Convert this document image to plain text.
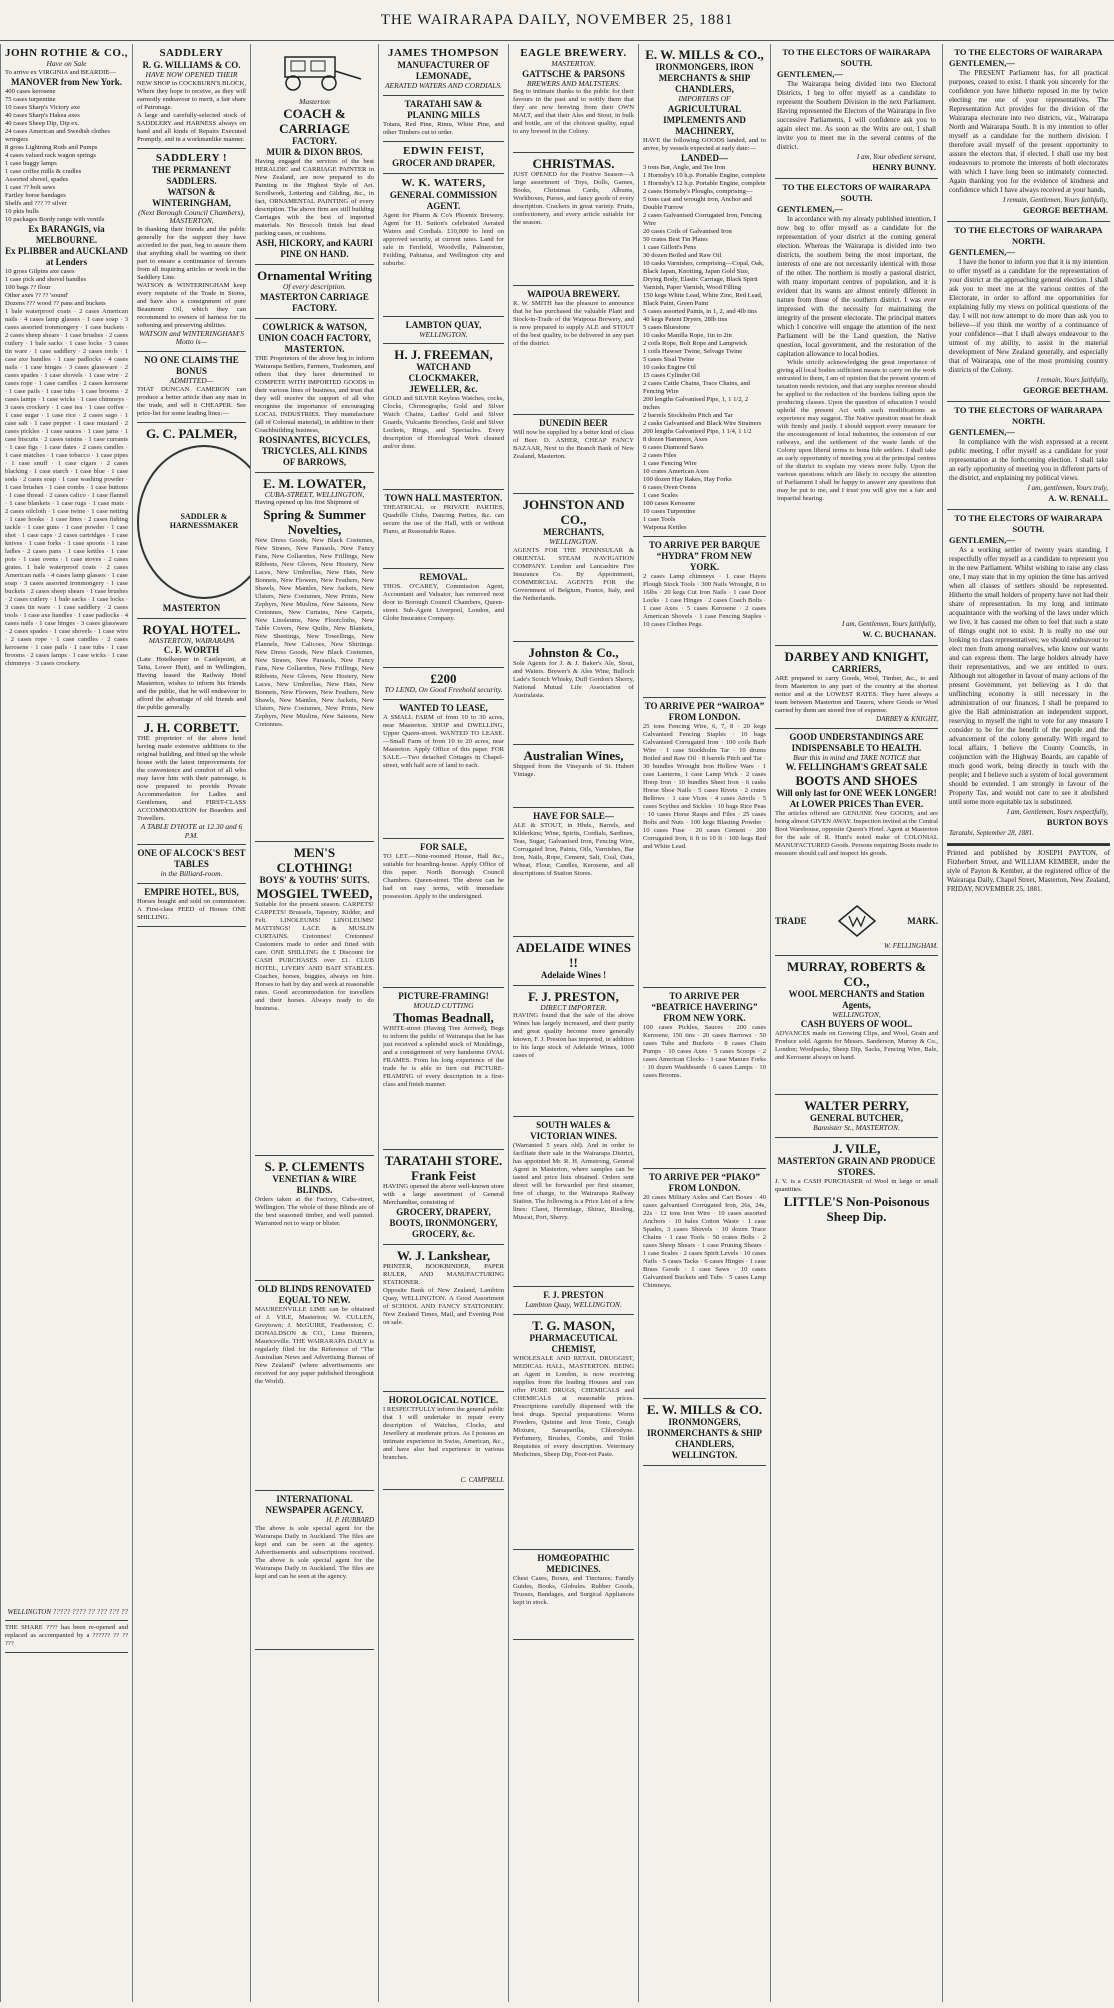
THE WAIRARAPA DAILY, NOVEMBER 25, 1881
JOHN ROTHIE & CO.,
Have on Sale
To arrive ex VIRGINIA and BEARDIE—
MANOVER from New York.
400 cases kerosene
75 cases turpentine
10 cases Sharp's Victory axe
40 cases Sharp's Hakea axes
40 cases Sheep Dip, Dip ex.
24 cases American and Swedish clothes wringers
8 gross Lightning Rods and Pumps
4 cases valued rack wagon springs
1 case buggy lamps
1 case coffee mills & cradles
Assorted shovel, spades
1 case ?? bolt saws
Fartley horse bandages
Shelfs and ??? ?? silver
10 pkts bulls
10 packages Bordy range with ventils
Ex BARANGIS, via MELBOURNE.
Ex PLIBBER and AUCKLAND at Lenders
10 gross Gilpins axe cases
1 case pick and shovel handles
100 bags ?? flour
Other axes ?? ?? 'sound'
Dozens ??? wood ?? pans and buckets
1 bale waterproof coats · 2 cases American nails · 4 cases lamp glasses · 1 case soap · 3 cases assorted ironmongery · 1 case buckets · 2 cases sheep shears · 1 case brushes · 2 cases cutlery · 1 bale sacks · 1 case locks · 3 cases tin ware · 1 case saddlery · 2 cases tools · 1 case axe handles · 1 case padlocks · 4 cases nails · 1 case hinges · 3 cases glassware · 2 cases spades · 1 case shovels · 1 case wire · 2 cases rope · 1 case candles · 2 cases kerosene · 1 case pails · 1 case tubs · 1 case brooms · 2 cases lamps · 1 case wicks · 1 case chimneys · 3 cases crockery · 1 case tea · 1 case coffee · 1 case sugar · 1 case rice · 2 cases sago · 1 case salt · 1 case pepper · 1 case mustard · 2 cases pickles · 1 case sauces · 1 case jams · 1 case biscuits · 2 cases raisins · 1 case currants · 1 case figs · 1 case dates · 2 cases candles · 1 case matches · 1 case tobacco · 1 case pipes · 1 case snuff · 1 case cigars · 2 cases blacking · 1 case starch · 1 case blue · 1 case soda · 2 cases soap · 1 case washing powder · 1 case brushes · 1 case combs · 1 case buttons · 1 case thread · 2 cases calico · 1 case flannel · 1 case blankets · 1 case rugs · 1 case mats · 2 cases oilcloth · 1 case twine · 1 case netting · 1 case hooks · 1 case lines · 2 cases fishing tackle · 1 case guns · 1 case powder · 1 case shot · 1 case caps · 2 cases cartridges · 1 case knives · 1 case forks · 1 case spoons · 1 case ladles · 2 cases pans · 1 case kettles · 1 case pots · 1 case ovens · 1 case stoves · 2 cases grates. 1 bale waterproof coats · 2 cases American nails · 4 cases lamp glasses · 1 case soap · 3 cases assorted ironmongery · 1 case buckets · 2 cases sheep shears · 1 case brushes · 2 cases cutlery · 1 bale sacks · 1 case locks · 3 cases tin ware · 1 case saddlery · 2 cases tools · 1 case axe handles · 1 case padlocks · 4 cases nails · 1 case hinges · 3 cases glassware · 2 cases spades · 1 case shovels · 1 case wire · 2 cases rope · 1 case candles · 2 cases kerosene · 1 case pails · 1 case tubs · 1 case brooms · 2 cases lamps · 1 case wicks · 1 case chimneys · 3 cases crockery.
WELLINGTON ????? ???? ?? ??? ??? ??
THE SHARE ???? has been re-opened and replaced as accompanied by a ?????? ?? ?? ???
SADDLERY
R. G. WILLIAMS & CO.
HAVE NOW OPENED THEIR
NEW SHOP in COCKBURN'S BLOCK, Where they hope to receive, as they will earnestly endeavour to merit, a fair share of Patronage.
A large and carefully-selected stock of SADDLERY and HARNESS always on hand and all kinds of Repairs Executed Promptly, and in a workmanlike manner.
SADDLERY !
THE PERMANENT SADDLERS.
WATSON & WINTERINGHAM,
(Next Borough Council Chambers), MASTERTON,
In thanking their friends and the public generally for the support they have accorded to the past, beg to assure them that anything shall be wanting on their part to ensure a continuance of favours from all inquiring articles or work in the Saddlery Line.
WATSON & WINTERINGHAM keep every requisite of the Trade in Stores, and have also a consignment of pure Beaumont Oil, which they can recommend to owners of harness for its softening and preserving abilities.
WATSON and WINTERINGHAM'S Motto is—
NO ONE CLAIMS THE BONUS
ADMITTED—
THAT DUNCAN CAMERON can produce a better article than any man in the trade, and sell it CHEAPER. See price-list for some leading lines:—
G. C. PALMER,
SADDLER & HARNESSMAKER
MASTERTON
ROYAL HOTEL.
MASTERTON, WAIRARAPA
C. F. WORTH
(Late Hotelkeeper in Castlepoint, at Taita, Lower Hutt), and in Wellington, Having leased the Railway Hotel Masterton, wishes to inform his friends and the public, that he will endeavour to afford the advantage of old friends and the public generally.
J. H. CORBETT.
THE proprietor of the above hotel having made extensive additions to the original building, and fitted up the whole house with the latest improvements for the convenience and comfort of all who may favor him with their patronage, is now prepared to provide Private Accommodation for Ladies and Gentlemen, and FIRST-CLASS ACCOMMODATION for Boarders and Travellers.
A TABLE D'HOTE at 12.30 and 6 P.M.
ONE OF ALCOCK'S BEST TABLES
in the Billiard-room.
EMPIRE HOTEL, BUS,
Horses bought and sold on commission. A First-class FEED of Horses ONE SHILLING.
Masterton
COACH & CARRIAGE
FACTORY.
MUIR & DIXON BROS.
Having engaged the services of the best HERALDIC and CARRIAGE PAINTER in New Zealand, are now prepared to do Painting in the Highest Style of Art. Scrollwork, Lettering and Gilding, &c., in fact, ORNAMENTAL PAINTING of every description. The above firm are still building Carriages with the best of imported materials. No Broccoli finish but dead packing cases, or cushions.
ASH, HICKORY, and KAURI PINE ON HAND.
Ornamental Writing
Of every description.
MASTERTON CARRIAGE FACTORY.
COWLRICK & WATSON,
UNION COACH FACTORY, MASTERTON.
THE Proprietors of the above beg to inform Wairarapa Settlers, Farmers, Tradesmen, and others that they have determined to COMPETE WITH IMPORTED GOODS in their various lines of business, and trust that they will receive the support of all who recognise the importance of encouraging LOCAL INDUSTRIES. They manufacture (all of Colonial material), in addition to their Coachbuilding business,
ROSINANTES, BICYCLES, TRICYCLES, ALL KINDS OF BARROWS,
E. M. LOWATER,
CUBA-STREET, WELLINGTON,
Having opened up his first Shipment of
Spring & Summer Novelties,
New Dress Goods, New Black Costumes, New Straws, New Parasols, New Fancy Fans, New Collarettes, New Frillings, New Ribbons, New Gloves, New Hosiery, New Laces, New Umbrellas, New Hats, New Bonnets, New Flowers, New Feathers, New Shawls, New Mantles, New Jackets, New Ulsters, New Costumes, New Prints, New Zephyrs, New Muslins, New Sateens, New Cretonnes, New Curtains, New Carpets, New Linoleums, New Floorcloths, New Table Covers, New Quilts, New Blankets, New Sheetings, New Towellings, New Flannels, New Calicoes, New Shirtings. New Dress Goods, New Black Costumes, New Straws, New Parasols, New Fancy Fans, New Collarettes, New Frillings, New Ribbons, New Gloves, New Hosiery, New Laces, New Umbrellas, New Hats, New Bonnets, New Flowers, New Feathers, New Shawls, New Mantles, New Jackets, New Ulsters, New Costumes, New Prints, New Zephyrs, New Muslins, New Sateens, New Cretonnes.
MEN'S CLOTHING!
BOYS' & YOUTHS' SUITS.
MOSGIEL TWEED,
Suitable for the present season. CARPETS! CARPETS! Brussels, Tapestry, Kidder, and Felt. LINOLEUMS! LINOLEUMS! MATTINGS! LACE & MUSLIN CURTAINS. Cretonnes! Cretonnes! Customers made to order and fitted with care. ONE SHILLING the £ Discount for CASH PURCHASES over £1. CLUB HOTEL, LIVERY AND BAIT STABLES. Coaches, horses, buggies, always on hire. Horses to bait by day and week at reasonable rates. Good accommodation for travellers and their horses. Always ready to do business.
S. P. CLEMENTS
VENETIAN & WIRE BLINDS.
Orders taken at the Factory, Cuba-street, Wellington. The whole of these Blinds are of the best seasoned timber, and well painted. Warranted not to warp or blister.
OLD BLINDS RENOVATED EQUAL TO NEW.
MAUREENVILLE LIME can be obtained of J. VILE, Masterton; W. CULLEN, Greytown; J. McGUIRE, Featherston; C. DONALDSON & CO., Lime Burners, Mauriceville. THE WAIRARAPA DAILY is regularly filed for the Reference of "The Australian News and Advertising Bureau of New Zealand" (where advertisements are received for any paper published throughout the World).
INTERNATIONAL NEWSPAPER AGENCY.
H. P. HUBBARD
The above is sole special agent for the Wairarapa Daily in Auckland. The files are kept and can be seen at the agency. Advertisements and subscriptions received. The above is sole special agent for the Wairarapa Daily in Auckland. The files are kept and can be seen at the agency.
JAMES THOMPSON
MANUFACTURER OF LEMONADE,
AERATED WATERS AND CORDIALS.
TARATAHI SAW & PLANING MILLS
Totara, Red Pine, Rimu, White Pine, and other Timbers cut to order.
EDWIN FEIST,
GROCER AND DRAPER,
W. K. WATERS,
GENERAL COMMISSION AGENT.
Agent for Pharm & Co's Phoenix Brewery. Agent for H. Sutton's celebrated Aerated Waters and Cordials. £10,000 to lend on approved security, at current rates. Land for sale in Fenfield, Woodville, Palmerston, Feilding, Pahiatua, and Wellington city and suburbs.
LAMBTON QUAY,
WELLINGTON.
H. J. FREEMAN,
WATCH AND CLOCKMAKER, JEWELLER, &c.
GOLD and SILVER Keyless Watches, cocks, Clocks, Chronographs, Gold and Silver Watch Chains, Ladies' Gold and Silver Guards, Vulcanite Brooches, Gold and Silver Lockets, Rings, and Spectacles. Every description of Horological Work cleaned and/or done.
TOWN HALL MASTERTON.
THEATRICAL or PRIVATE PARTIES, Quadrille Clubs, Dancing Parties, &c. can secure the use of the Hall, with or without Piano, at Reasonable Rates.
REMOVAL.
THOS. O'CAREY, Commission Agent, Accountant and Valuator, has removed next door to Borough Council Chambers, Queen-street. Sub-Agent Liverpool, London, and Globe Insurance Company.
£200
TO LEND, On Good Freehold security.
WANTED TO LEASE,
A SMALL FARM of from 10 to 30 acres, near Masterton. SHOP and DWELLING, Upper Queen-street. WANTED TO LEASE.—Small Farm of from 10 to 20 acres, near Masterton. Apply Office of this paper. FOR SALE.—Two detached Cottages in Chapel-street, with half acre of land to each.
FOR SALE,
TO LET.—Nine-roomed House, Hall &c., suitable for boarding-house. Apply Office of this paper. North Borough Council Chambers. Queen-street. The above can be had on easy terms, with immediate possession. Apply to the undersigned.
PICTURE-FRAMING!
MOULD CUTTING
Thomas Beadnall,
WHITE-street (Having Tree Arrived), Begs to inform the public of Wairarapa that he has just received a splendid stock of Mouldings, and a consignment of very handsome OVAL FRAMES. From his long experience of the trade he is able to turn out PICTURE-FRAMING of every description in a first-class and finish manner.
TARATAHI STORE.
Frank Feist
HAVING opened the above well-known store with a large assortment of General Merchandise, consisting of
GROCERY, DRAPERY, BOOTS, IRONMONGERY, GROCERY, &c.
W. J. Lankshear,
PRINTER, BOOKBINDER, PAPER RULER, AND MANUFACTURING STATIONER.
Opposite Bank of New Zealand, Lambton Quay, WELLINGTON. A Good Assortment of SCHOOL AND FANCY STATIONERY. New Zealand Times, Mail, and Evening Post on sale.
HOROLOGICAL NOTICE.
I RESPECTFULLY inform the general public that I will undertake to repair every description of Watches, Clocks, and Jewellery at moderate prices. As I possess an intimate experience in Swiss, American, &c., and have also had experience in various branches.
C. CAMPBELL
EAGLE BREWERY.
MASTERTON.
GATTSCHE & PARSONS
BREWERS AND MALTSTERS.
Beg to intimate thanks to the public for their favours in the past and to notify them that they are now brewing from their OWN MALT, and that their Ales and Stout, in bulk and bottle, are of the choicest quality, equal to any brewed in the Colony.
CHRISTMAS.
JUST OPENED for the Festive Season—A large assortment of Toys, Dolls, Games, Books, Christmas Cards, Albums, Workboxes, Purses, and fancy goods of every description. Crackers in great variety. Fruits, confectionery, and every article suitable for the season.
WAIPOUA BREWERY.
R. W. SMITH has the pleasure to announce that he has purchased the valuable Plant and Stock-in-Trade of the Waipoua Brewery, and is now prepared to supply ALE and STOUT of the best quality, to be delivered in any part of the district.
DUNEDIN BEER
Will now be supplied by a better kind of class of Beer. D. ASHER, CHEAP FANCY BAZAAR, Next to the Branch Bank of New Zealand, Masterton.
JOHNSTON AND CO.,
MERCHANTS,
WELLINGTON.
AGENTS FOR THE PENINSULAR & ORIENTAL STEAM NAVIGATION COMPANY. London and Lancashire Fire Insurance Co. By Appointment, COMMERCIAL AGENTS FOR the Government of Belgium, France, Italy, and the Netherlands.
Johnston & Co.,
Sole Agents for J. & J. Baker's Ale, Stout, and Waters. Brewer's & Ales Wine, Bulloch Lade's Scotch Whisky, Duff Gordon's Sherry, National Mutual Life Association of Australasia.
Australian Wines,
Shipped from the Vineyards of St. Hubert Vintage.
HAVE FOR SALE—
ALE & STOUT, in Hhds., Barrels, and Kilderkins; Wine, Spirits, Cordials, Sardines, Teas, Sugar, Galvanised Iron, Fencing Wire, Corrugated Iron, Paints, Oils, Varnishes, Bar Iron, Nails, Rope, Cement, Salt, Coal, Oats, Wheat, Flour, Candles, Kerosene, and all descriptions of Station Stores.
ADELAIDE WINES !!
Adelaide Wines !
F. J. PRESTON,
DIRECT IMPORTER.
HAVING found that the sale of the above Wines has largely increased, and their purity and great quality become more generally known, F. J. Preston has imported, in addition to his large stock of Adelaide Wines, 1000 cases of
SOUTH WALES & VICTORIAN WINES.
(Warranted 5 years old). And in order to facilitate their sale in the Wairarapa District, has appointed Mr. R. H. Armstrong, General Agent in Masterton, where samples can be tasted and price lists obtained. Orders sent direct will be forwarded per first steamer, free of charge, to the Wairarapa Railway Station. The following is a Price List of a few lines: Claret, Hermitage, Shiraz, Riesling, Muscat, Port, Sherry.
F. J. PRESTON
Lambton Quay, WELLINGTON.
T. G. MASON,
PHARMACEUTICAL CHEMIST,
WHOLESALE AND RETAIL DRUGGIST, MEDICAL HALL, MASTERTON. BEING an Agent in London, is now receiving supplies from the leading Houses and can offer PURE DRUGS, CHEMICALS and CHEMICALS at reasonable prices. Prescriptions carefully dispensed with the best drugs. Special preparations: Worm Powders, Quinine and Iron Tonic, Cough Mixture, Sarsaparilla, Chlorodyne. Perfumery, Brushes, Combs, and Toilet Requisites of every description. Veterinary Medicines, Sheep Dip, Foot-rot Paste.
HOMŒOPATHIC MEDICINES.
Chest Cases, Boxes, and Tinctures; Family Guides, Books, Globules. Rubber Goods, Trusses, Bandages, and Surgical Appliances kept in stock.
E. W. MILLS & CO.,
IRONMONGERS, IRON MERCHANTS & SHIP CHANDLERS,
IMPORTERS OF
AGRICULTURAL IMPLEMENTS AND MACHINERY,
HAVE the following GOODS landed, and to arrive, by vessels expected at early date:—
LANDED—
3 tons Bar, Angle, and Tee Iron
1 Hornsby's 10 h.p. Portable Engine, complete
1 Hornsby's 12 h.p. Portable Engine, complete
2 cases Hornsby's Ploughs, comprising—
5 tons cast and wrought iron, Anchor and Double Furrow
2 cases Galvanised Corrugated Iron, Fencing Wire
20 cases Coils of Galvanised Iron
50 crates Best Tin Plates
1 case Gillott's Pens
30 dozen Boiled and Raw Oil
10 casks Varnishes, comprising—Copal, Oak, Black Japan, Knotting, Japan Gold Size, Drying Body, Elastic Carriage, Black Spirit Varnish, Paper Varnish, Wood Filling
150 kegs White Lead, White Zinc, Red Lead, Black Paint, Green Paint
5 cases assorted Paints, in 1, 2, and 4lb tins
40 kegs Patent Dryers, 28lb tins
5 cases Bluestone
10 casks Manilla Rope, 1in to 2in
2 coils Rope, Bolt Rope and Lampwick
1 coils Hawser Twine, Selvage Twine
5 cases Sisal Twine
10 casks Engine Oil
15 cases Cylinder Oil
2 cases Cattle Chains, Trace Chains, and Fencing Wire
200 lengths Galvanised Pipe, 1, 1 1/2, 2 inches
2 barrels Stockholm Pitch and Tar
2 casks Galvanised and Black Wire Strainers
200 lengths Galvanised Pipe, 1 1/4, 1 1/2
8 dozen Hammers, Axes
6 cases Diamond Saws
2 cases Files
1 case Fencing Wire
10 crates American Axes
100 dozen Hay Rakes, Hay Forks
6 cases Oven Ovens
1 case Scales
100 cases Kerosene
10 cases Turpentine
1 case Tools
Waipoua Kettles
TO ARRIVE PER BARQUE “HYDRA” FROM NEW YORK.
2 cases Lamp chimneys · 1 case Hayes Plough Stock Tools · 300 Nails Wrought, 8 to 16lbs · 20 kegs Cut Iron Nails · 1 case Door Locks · 1 case Hinges · 2 cases Coach Bolts · 1 case Axes · 5 cases Kerosene · 2 cases American Shovels · 1 case Fencing Staples · 10 cases Clothes Pegs.
TO ARRIVE PER “WAIROA” FROM LONDON.
25 tons Fencing Wire, 6, 7, 8 · 20 kegs Galvanised Fencing Staples · 10 bags Galvanised Corrugated Iron · 100 coils Barb Wire · 1 case Stockholm Tar · 10 drums Boiled and Raw Oil · 8 barrels Pitch and Tar · 30 bundles Wrought Iron Hollow Ware · 1 case Lanterns, 1 case Lamp Wick · 2 cases Hoop Iron · 10 bundles Sheet Iron · 6 casks Horse Shoe Nails · 5 cases Rivets · 2 crates Bellows · 1 case Vices · 4 cases Anvils · 5 cases Scythes and Sickles · 10 bags Rice Peas · 10 cases Horse Rasps and Files · 25 cases Bolts and Nuts · 100 kegs Blasting Powder · 10 cases Fuse · 20 cases Cement · 200 Corrugated Iron, 6 ft to 10 ft · 100 kegs Red and White Lead.
TO ARRIVE PER “BEATRICE HAVERING” FROM NEW YORK.
100 cases Pickles, Sauces · 200 cases Kerosene, 150 tins · 20 cases Barrows · 50 cases Tubs and Buckets · 8 cases Chain Pumps · 10 cases Axes · 5 cases Scoops · 2 cases American Clocks · 1 case Manure Forks · 10 dozen Washboards · 6 cases Lamps · 10 cases Brooms.
TO ARRIVE PER “PIAKO” FROM LONDON.
20 cases Military Axles and Cart Boxes · 40 cases galvanised Corrugated Iron, 26s, 24s, 22s · 12 tons Iron Wire · 10 cases assorted Anchors · 10 bales Cotton Waste · 1 case Spades, 3 cases Shovels · 10 dozen Trace Chains · 1 case Tools · 50 crates Bolts · 2 cases Sheep Shears · 1 case Pruning Shears · 1 case Scales · 2 cases Spirit Levels · 10 cases Nails · 5 cases Tacks · 6 cases Hinges · 1 case Brass Goods · 1 case Saws · 10 cases Galvanised Buckets and Tubs · 5 cases Lamp Chimneys.
E. W. MILLS & CO.
IRONMONGERS, IRONMERCHANTS & SHIP CHANDLERS, WELLINGTON.
TO THE ELECTORS OF WAIRARAPA SOUTH.
GENTLEMEN,—
The Wairarapa being divided into two Electoral Districts, I beg to offer myself as a candidate to represent the Southern Division in the next Parliament. Having represented the Electors of the Wairarapa in five successive Parliaments, I will confidence ask you to again elect me. As soon as the Writs are out, I shall invite you to meet me in the several centres of the district.
I am, Your obedient servant,
HENRY BUNNY.
TO THE ELECTORS OF WAIRARAPA SOUTH.
GENTLEMEN,—
In accordance with my already published intention, I now beg to offer myself as a candidate for the representation of your district at the coming general election. Whereas the Wairarapa is divided into two districts, the southern being the most important, the interests of one are not necessarily identical with those of the other. The northern is mostly a pastoral district, with many important centres of population, and it is evident that its wants are almost entirely different in nature from those of the southern district. I was ever impressed with the necessity for maintaining the integrity of the present electorate. The principal matters which I conceive will engage the attention of the next Parliament will be the Land question, the Native question, local government, and the restoration of the capitation allowance to local bodies.
While strictly acknowledging the great importance of giving all local bodies sufficient means to carry on the work entrusted to them, I am of opinion that the present system of taxation needs revision, and that any surplus revenue should be applied to the reduction of the burdens falling upon the producing classes. Upon the question of education I would uphold the present Act with such modifications as experience may suggest. The Native question must be dealt with firmly and justly. I should support every measure for the encouragement of local industries, the extension of our railways, and the settlement of the waste lands of the Colony upon liberal terms to bona fide settlers. I shall take an early opportunity of meeting you at the principal centres of the district to explain my views more fully. Upon the various questions which are likely to occupy the attention of Parliament I shall be happy to answer any questions that may be put to me, and I trust you will give me a fair and impartial hearing.
I am, Gentlemen, Yours faithfully,
W. C. BUCHANAN.
DARBEY AND KNIGHT,
CARRIERS,
ARE prepared to carry Goods, Wool, Timber, &c., to and from Masterton to any part of the country at the shortest notice and at the LOWEST RATES. They have always a team between Masterton and Taueru, where Goods or Wool carried by them are stored free of expense.
DARBEY & KNIGHT,
GOOD UNDERSTANDINGS ARE INDISPENSABLE TO HEALTH.
Bear this in mind and TAKE NOTICE that
W. FELLINGHAM'S GREAT SALE
BOOTS AND SHOES
Will only last for ONE WEEK LONGER!
At LOWER PRICES Than EVER.
The articles offered are GENUINE New GOODS, and are being almost GIVEN AWAY. Inspection invited at the Central Boot Warehouse, opposite Queen's Hotel. Agent at Masterton for the sale of R. Hunt's noted make of COLONIAL MANUFACTURED Goods. Persons requiring Boots made to measure should call and inspect his goods.
TRADE	MARK.
W. FELLINGHAM.
MURRAY, ROBERTS & CO.,
WOOL MERCHANTS and Station Agents,
WELLINGTON,
CASH BUYERS OF WOOL.
ADVANCES made on Growing Clips, and Wool, Grain and Produce sold. Agents for Messrs. Sanderson, Murray & Co., London; Woolpacks, Sheep Dip, Sacks, Fencing Wire, Bale, and Kerosene always on hand.
WALTER PERRY,
GENERAL BUTCHER,
Bannister St., MASTERTON.
J. VILE,
MASTERTON GRAIN AND PRODUCE STORES.
J. V. is a CASH PURCHASER of Wool in large or small quantities.
LITTLE'S Non-Poisonous Sheep Dip.
TO THE ELECTORS OF WAIRARAPA
GENTLEMEN,—
The PRESENT Parliament has, for all practical purposes, ceased to exist. I thank you sincerely for the confidence you have hitherto reposed in me by twice electing me one of your representatives. The Representation Act provides for the division of the Wairarapa electorate into two districts, viz., Wairarapa North and Wairarapa South. It is my intention to offer myself as a candidate for the northern division. I therefore avail myself of the present opportunity to assure the electors that, if elected, I shall use my best endeavours to promote the interests of both electorates with which I have long been so intimately connected. Again thanking you for the evidence of kindness and confidence which I have always received at your hands,
I remain, Gentlemen, Yours faithfully,
GEORGE BEETHAM.
TO THE ELECTORS OF WAIRARAPA NORTH.
GENTLEMEN,—
I have the honor to inform you that it is my intention to offer myself as a candidate for the representation of your district at the approaching general election. I shall ask you to meet me at the various centres of the Electorate, in order to afford me opportunities for explaining fully my views on political questions of the day. I will not now attempt to do more than ask you to believe—if you think me worthy of a continuance of your confidence—that I shall always endeavour to the utmost of my ability, to assist in the material development of New Zealand generally, and especially that of Wairarapa, one of the most promising country districts of the Colony.
I remain, Yours faithfully,
GEORGE BEETHAM.
TO THE ELECTORS OF WAIRARAPA NORTH.
GENTLEMEN,—
In compliance with the wish expressed at a recent public meeting, I offer myself as a candidate for your representation at the forthcoming election. I shall take an early opportunity of meeting you in different parts of the district, and explaining my political views.
I am, gentlemen, Yours truly,
A. W. RENALL.
TO THE ELECTORS OF WAIRARAPA SOUTH.
GENTLEMEN,—
As a working settler of twenty years standing, I respectfully offer myself as a candidate to represent you in the new Parliament. Whilst wishing to raise any class one, I may state that in my opinion the time has arrived when all classes of settlers should be represented. Hitherto the small holders of property have not had their share of representation. In my long and intimate acquaintance with the working of the laws under which we live, it has caused me often to feel that such a state of things ought not to exist. It is really no use our looking to class representatives; we should endeavour to elect men from among ourselves, who know our wants and can express them. The large holders already have their representatives, and we are entitled to ours. Although not altogether in favour of many actions of the present Government, yet believing as I do that unflinching economy is still necessary in the administration of our finances, I shall be prepared to give the Hall administration an independent support, reserving to myself the right to vote for any measure I consider to be for the benefit of the people and the advancement of the colony generally. With regard to local affairs, I believe the County Councils, in conjunction with the Highway Boards, are capable of much good work, being directly in touch with the people; and I believe such a system of local government should be extended. I am strongly in favour of the Property Tax, and would not care to see it abolished until some more equitable tax is substituted.
I am, Gentlemen, Yours respectfully,
BURTON BOYS
Taratahi, September 28, 1881.
Printed and published by JOSEPH PAYTON, of Fitzherbert Street, and WILLIAM KEMBER, under the style of Payton & Kember, at the registered office of the Wairarapa Daily, Chapel Street, Masterton, New Zealand, FRIDAY, NOVEMBER 25, 1881.
